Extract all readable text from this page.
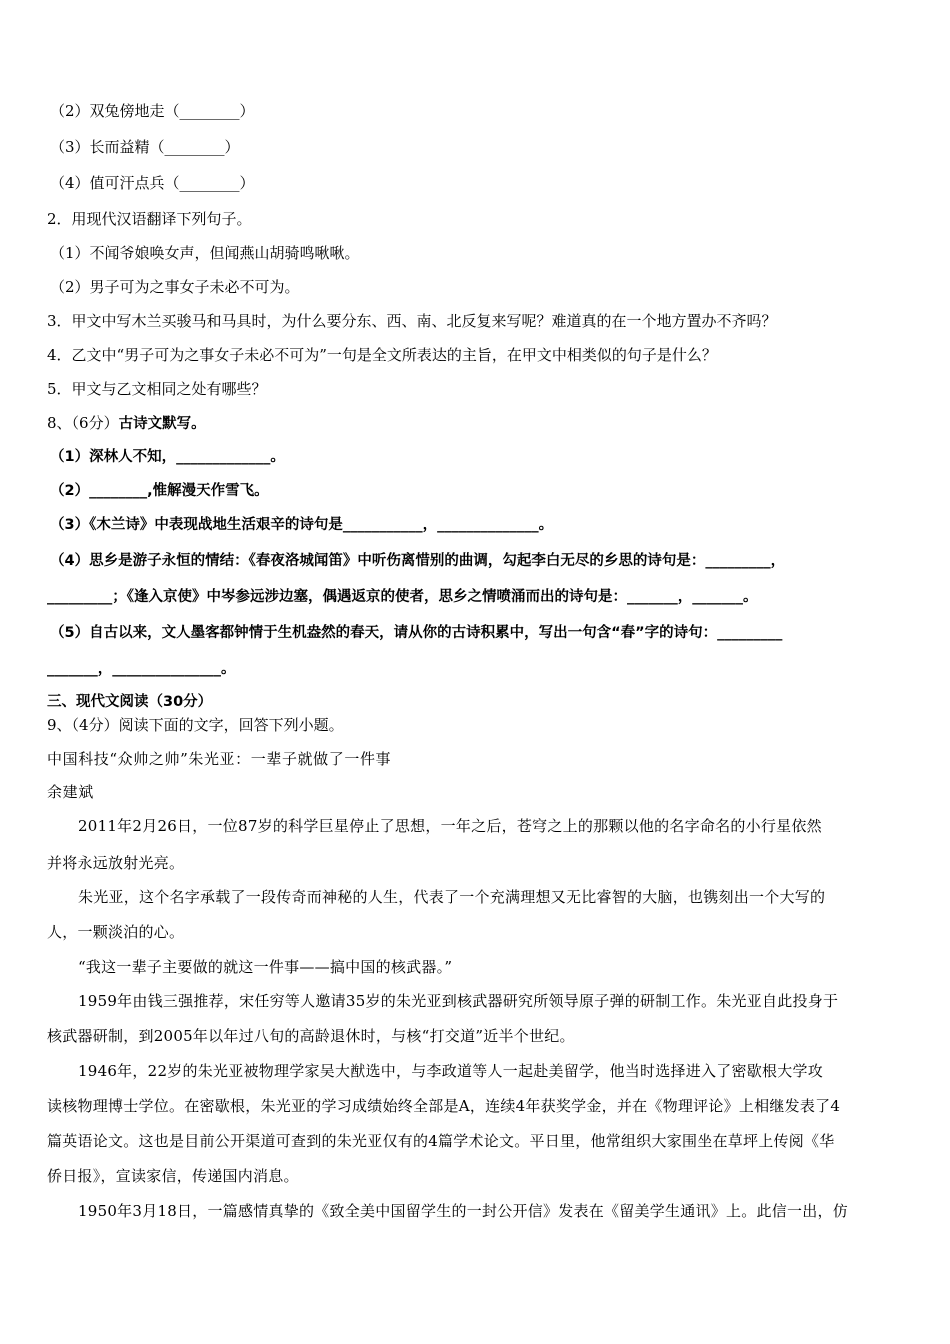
（2）双兔傍地走（________）
（3）长而益精（________）
（4）值可汗点兵（________）
2．用现代汉语翻译下列句子。
（1）不闻爷娘唤女声，但闻燕山胡骑鸣啾啾。
（2）男子可为之事女子未必不可为。
3．甲文中写木兰买骏马和马具时，为什么要分东、西、南、北反复来写呢？难道真的在一个地方置办不齐吗？
4．乙文中“男子可为之事女子未必不可为”一句是全文所表达的主旨，在甲文中相类似的句子是什么？
5．甲文与乙文相同之处有哪些？
8、（6分）古诗文默写。
（1）深林人不知，_____________。
（2）________,惟解漫天作雪飞。
（3）《木兰诗》中表现战地生活艰辛的诗句是___________，______________。
（4）思乡是游子永恒的情结：《春夜洛城闻笛》中听伤离惜别的曲调，勾起李白无尽的乡思的诗句是：_________，
_________；《逢入京使》中岑参远涉边塞，偶遇返京的使者，思乡之情喷涌而出的诗句是：_______，_______。
（5）自古以来，文人墨客都钟情于生机盎然的春天，请从你的古诗积累中，写出一句含“春”字的诗句：_________
_______，_______________。
三、现代文阅读（30分）
9、（4分）阅读下面的文字，回答下列小题。
中国科技“众帅之帅”朱光亚：一辈子就做了一件事
余建斌
2011年2月26日，一位87岁的科学巨星停止了思想，一年之后，苍穹之上的那颗以他的名字命名的小行星依然
并将永远放射光亮。
朱光亚，这个名字承载了一段传奇而神秘的人生，代表了一个充满理想又无比睿智的大脑，也镌刻出一个大写的
人，一颗淡泊的心。
“我这一辈子主要做的就这一件事——搞中国的核武器。”
1959年由钱三强推荐，宋任穷等人邀请35岁的朱光亚到核武器研究所领导原子弹的研制工作。朱光亚自此投身于
核武器研制，到2005年以年过八旬的高龄退休时，与核“打交道”近半个世纪。
1946年，22岁的朱光亚被物理学家吴大猷选中，与李政道等人一起赴美留学，他当时选择进入了密歇根大学攻
读核物理博士学位。在密歇根，朱光亚的学习成绩始终全部是A，连续4年获奖学金，并在《物理评论》上相继发表了4
篇英语论文。这也是目前公开渠道可查到的朱光亚仅有的4篇学术论文。平日里，他常组织大家围坐在草坪上传阅《华
侨日报》，宣读家信，传递国内消息。
1950年3月18日，一篇感情真挚的《致全美中国留学生的一封公开信》发表在《留美学生通讯》上。此信一出，仿
